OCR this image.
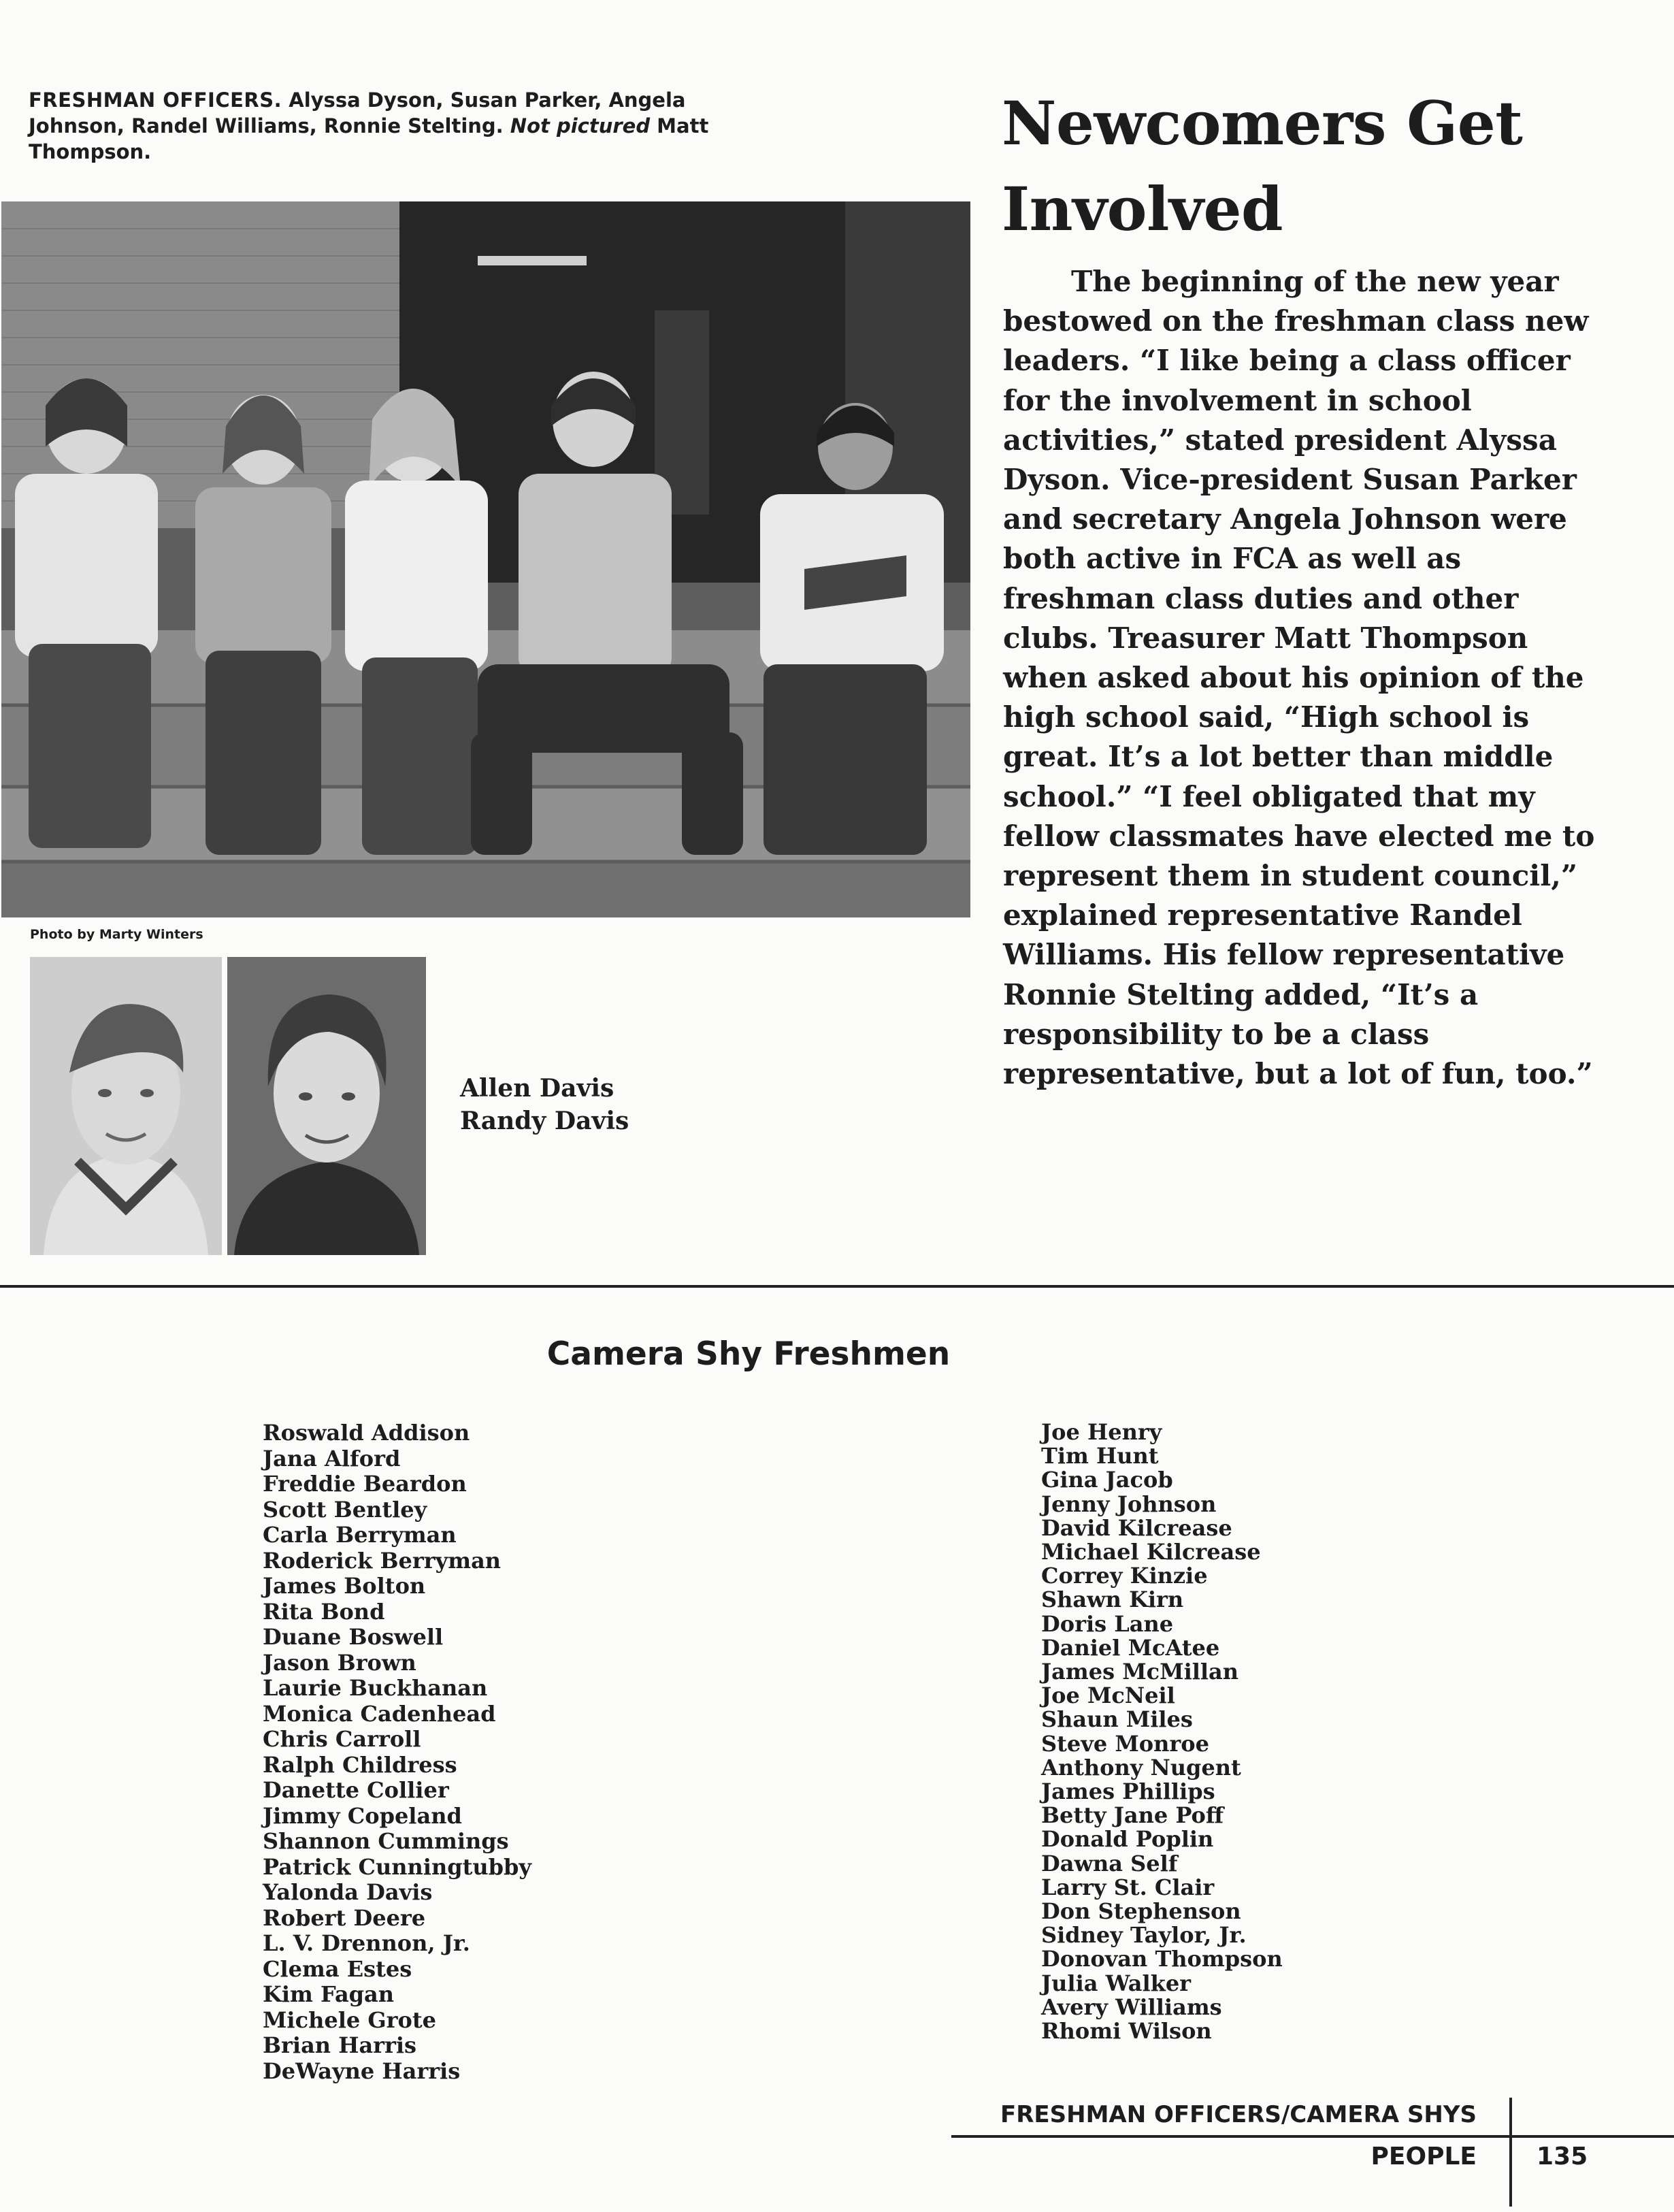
FRESHMAN OFFICERS. Alyssa Dyson, Susan Parker, Angela Johnson, Randel Williams, Ronnie Stelting. Not pictured Matt Thompson.	Newcomers Get
Involved
The beginning of the new year bestowed on the freshman class new leaders. “I like being a class officer for the involvement in school activities,” stated president Alyssa Dyson. Vice-president Susan Parker and secretary Angela Johnson were both active in FCA as well as freshman class duties and other clubs. Treasurer Matt Thompson when asked about his opinion of the high school said, “High school is great. It’s a lot better than middle school.” “I feel obligated that my fellow classmates have elected me to represent them in student council,” explained representative Randel Williams. His fellow representative Ronnie Stelting added, “It’s a responsibility to be a class representative, but a lot of fun, too.”
Photo by Marty Winters
Allen Davis
Randy Davis
Camera Shy Freshmen
Roswald Addison
Jana Alford
Freddie Beardon
Scott Bentley
Carla Berryman
Roderick Berryman
James Bolton
Rita Bond
Duane Boswell
Jason Brown
Laurie Buckhanan
Monica Cadenhead
Chris Carroll
Ralph Childress
Danette Collier
Jimmy Copeland
Shannon Cummings
Patrick Cunningtubby
Yalonda Davis
Robert Deere
L. V. Drennon, Jr.
Clema Estes
Kim Fagan
Michele Grote
Brian Harris
DeWayne Harris
Joe Henry
Tim Hunt
Gina Jacob
Jenny Johnson
David Kilcrease
Michael Kilcrease
Correy Kinzie
Shawn Kirn
Doris Lane
Daniel McAtee
James McMillan
Joe McNeil
Shaun Miles
Steve Monroe
Anthony Nugent
James Phillips
Betty Jane Poff
Donald Poplin
Dawna Self
Larry St. Clair
Don Stephenson
Sidney Taylor, Jr.
Donovan Thompson
Julia Walker
Avery Williams
Rhomi Wilson
FRESHMAN OFFICERS/CAMERA SHYS
PEOPLE 135
